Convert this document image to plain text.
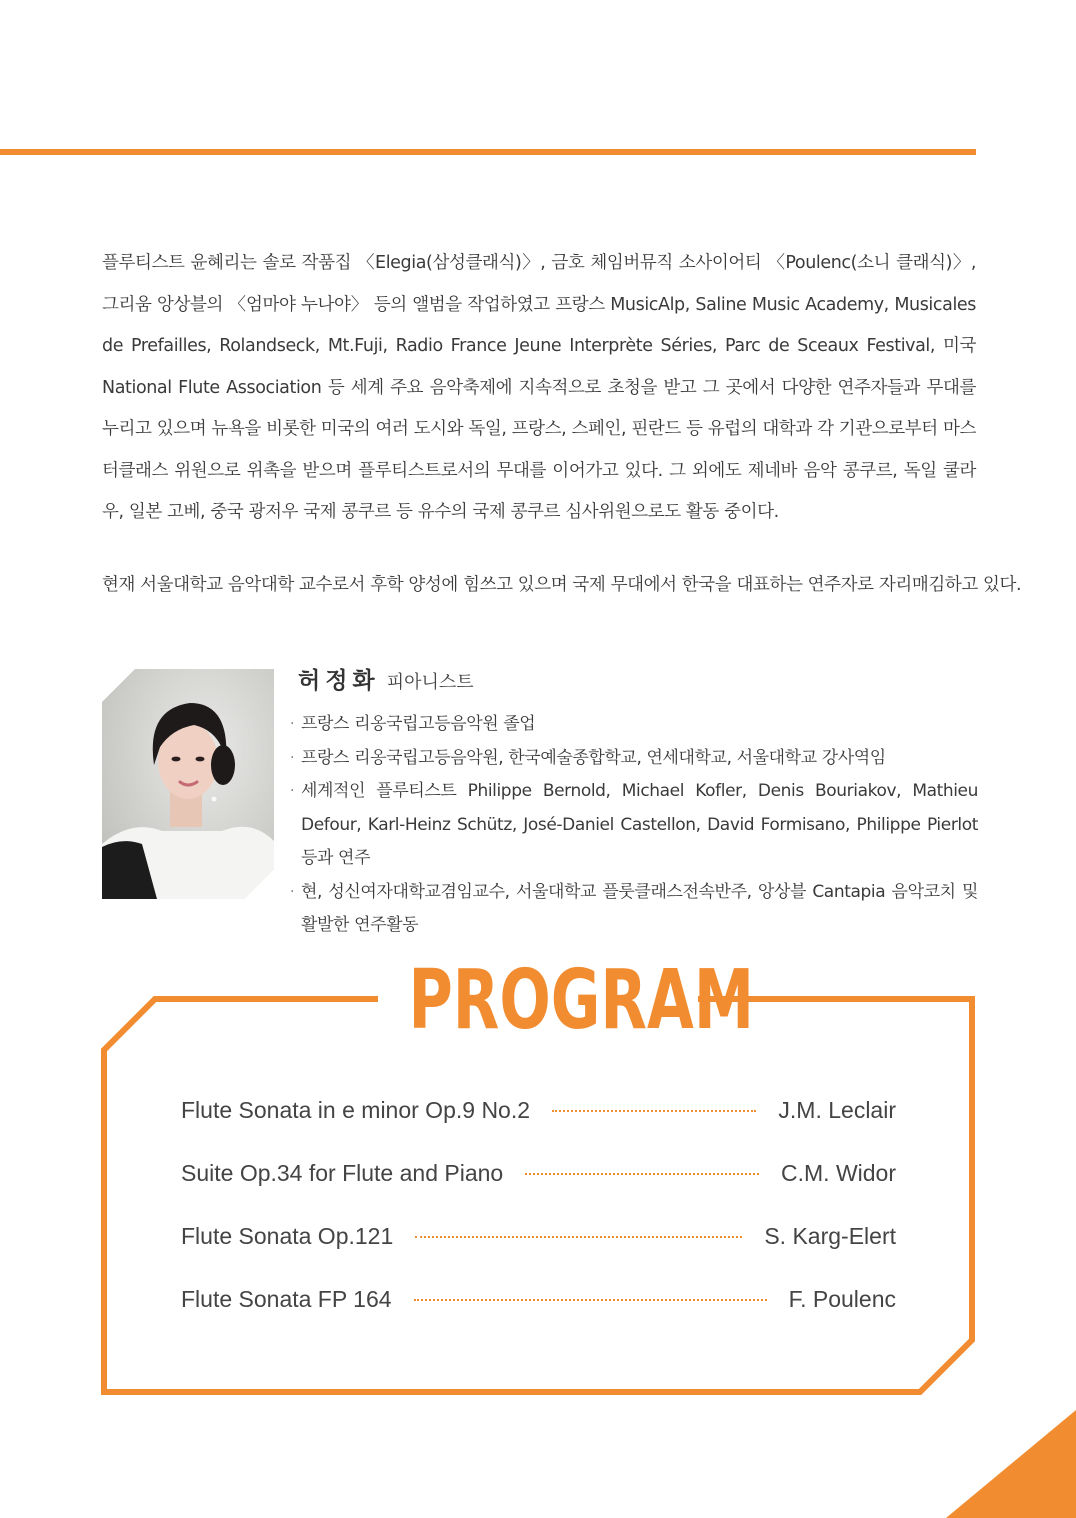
플루티스트 윤혜리는 솔로 작품집 〈Elegia(삼성클래식)〉, 금호 체임버뮤직 소사이어티 〈Poulenc(소니 클래식)〉, 그리움 앙상블의 〈엄마야 누나야〉 등의 앨범을 작업하였고 프랑스 MusicAlp, Saline Music Academy, Musicales de Prefailles, Rolandseck, Mt.Fuji, Radio France Jeune Interprète Séries, Parc de Sceaux Festival, 미국 National Flute Association 등 세계 주요 음악축제에 지속적으로 초청을 받고 그 곳에서 다양한 연주자들과 무대를 누리고 있으며 뉴욕을 비롯한 미국의 여러 도시와 독일, 프랑스, 스페인, 핀란드 등 유럽의 대학과 각 기관으로부터 마스터클래스 위원으로 위촉을 받으며 플루티스트로서의 무대를 이어가고 있다. 그 외에도 제네바 음악 콩쿠르, 독일 쿨라우, 일본 고베, 중국 광저우 국제 콩쿠르 등 유수의 국제 콩쿠르 심사위원으로도 활동 중이다.

현재 서울대학교 음악대학 교수로서 후학 양성에 힘쓰고 있으며 국제 무대에서 한국을 대표하는 연주자로 자리매김하고 있다.

허정화 피아니스트
· 프랑스 리옹국립고등음악원 졸업
· 프랑스 리옹국립고등음악원, 한국예술종합학교, 연세대학교, 서울대학교 강사역임
· 세계적인 플루티스트 Philippe Bernold, Michael Kofler, Denis Bouriakov, Mathieu Defour, Karl-Heinz Schütz, José-Daniel Castellon, David Formisano, Philippe Pierlot 등과 연주
· 현, 성신여자대학교겸임교수, 서울대학교 플룻클래스전속반주, 앙상블 Cantapia 음악코치 및 활발한 연주활동
PROGRAM
Flute Sonata in e minor Op.9 No.2	J.M. Leclair
Suite Op.34 for Flute and Piano	C.M. Widor
Flute Sonata Op.121	S. Karg-Elert
Flute Sonata FP 164	F. Poulenc
